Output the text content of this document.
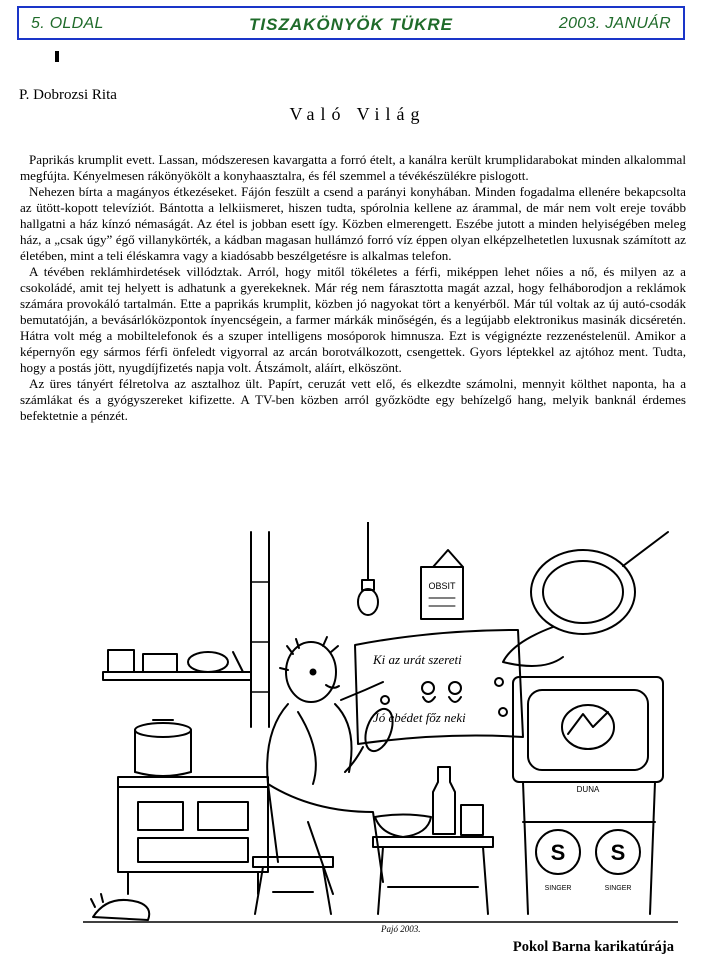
5. OLDAL	TISZAKÖNYÖK TÜKRE	2003. JANUÁR
P. Dobrozsi Rita
Való Világ

Paprikás krumplit evett. Lassan, módszeresen kavargatta a forró ételt, a kanálra került krumplidarabokat minden alkalommal megfújta. Kényelmesen rákönyökölt a konyhaasztalra, és fél szemmel a tévékészülékre pislogott.

Nehezen bírta a magányos étkezéseket. Fájón feszült a csend a parányi konyhában. Minden fogadalma ellenére bekapcsolta az ütött-kopott televíziót. Bántotta a lelkiismeret, hiszen tudta, spórolnia kellene az árammal, de már nem volt ereje tovább hallgatni a ház kínzó némaságát. Az étel is jobban esett így. Közben elmerengett. Eszébe jutott a minden helyiségében meleg ház, a „csak úgy” égő villanykörték, a kádban magasan hullámzó forró víz éppen olyan elképzelhetetlen luxusnak számított az életében, mint a teli éléskamra vagy a kiadósabb beszélgetésre is alkalmas telefon.

A tévében reklámhirdetések villództak. Arról, hogy mitől tökéletes a férfi, miképpen lehet nőies a nő, és milyen az a csokoládé, amit tej helyett is adhatunk a gyerekeknek. Már rég nem fárasztotta magát azzal, hogy felháborodjon a reklámok számára provokáló tartalmán. Ette a paprikás krumplit, közben jó nagyokat tört a kenyérből. Már túl voltak az új autó-csodák bemutatóján, a bevásárlóközpontok ínyencségein, a farmer márkák minőségén, és a legújabb elektronikus masinák dicséretén. Hátra volt még a mobiltelefonok és a szuper intelligens mosóporok himnusza. Ezt is végignézte rezzenéstelenül. Amikor a képernyőn egy sármos férfi önfeledt vigyorral az arcán borotválkozott, csengettek. Gyors léptekkel az ajtóhoz ment. Tudta, hogy a postás jött, nyugdíjfizetés napja volt. Átszámolt, aláírt, elköszönt.

Az üres tányért félretolva az asztalhoz ült. Papírt, ceruzát vett elő, és elkezdte számolni, mennyit költhet naponta, ha a számlákat és a gyógyszereket kifizette. A TV-ben közben arról győzködte egy behízelgő hang, melyik banknál érdemes befektetnie a pénzét.

OBSIT
Ki az urát szereti
Jó ebédet főz neki
DUNA
S S
SINGER	SINGER
Pajó 2003.
Pokol Barna karikatúrája
